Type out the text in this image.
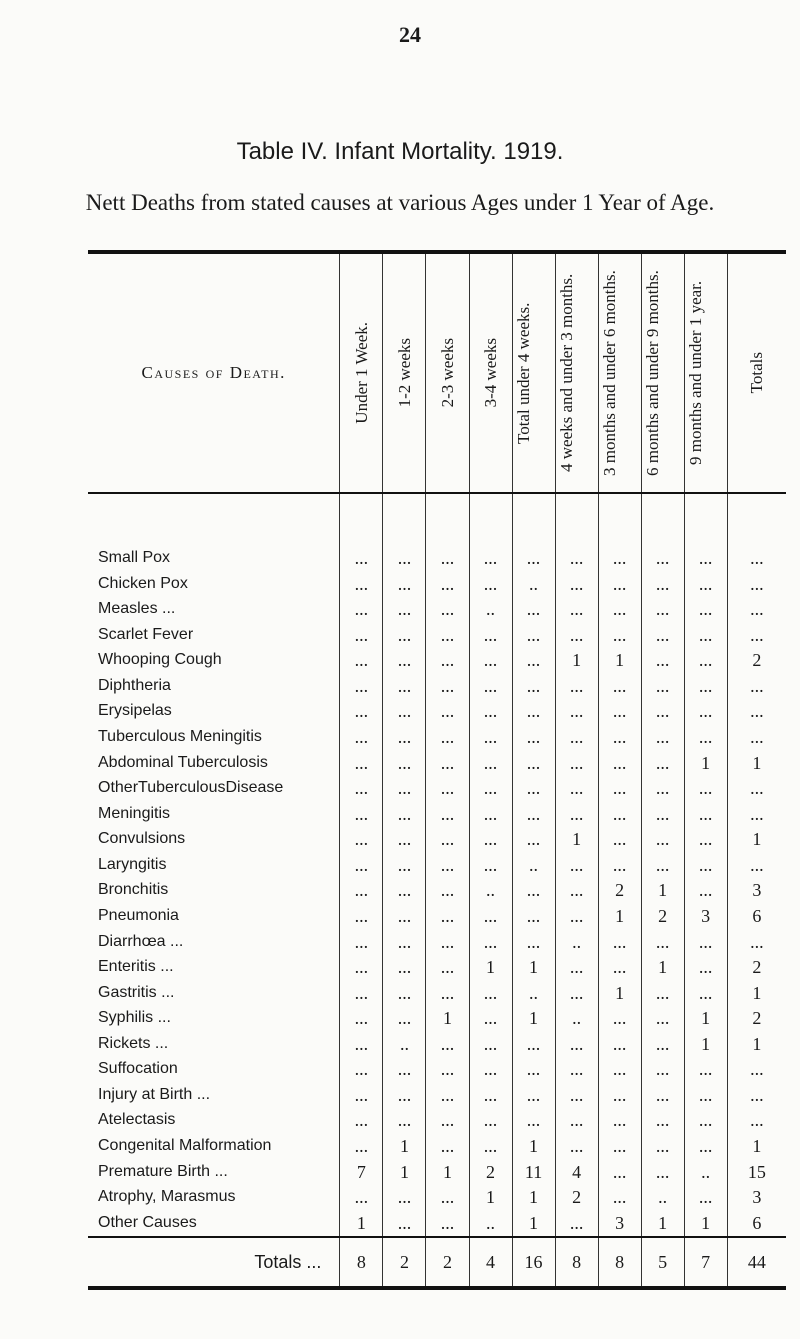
24
Table IV. Infant Mortality. 1919.
Nett Deaths from stated causes at various Ages under 1 Year of Age.
Causes of Death.	Under 1 Week.	1-2 weeks	2-3 weeks	3-4 weeks	Total under 4 weeks.	4 weeks and under 3 months.	3 months and under 6 months.	6 months and under 9 months.	9 months and under 1 year.	Totals

Small Pox	...	...	...	...	...	...	...	...	...	...
Chicken Pox	...	...	...	...	..	...	...	...	...	...
Measles ...	...	...	...	..	...	...	...	...	...	...
Scarlet Fever	...	...	...	...	...	...	...	...	...	...
Whooping Cough	...	...	...	...	...	1	1	...	...	2
Diphtheria	...	...	...	...	...	...	...	...	...	...
Erysipelas	...	...	...	...	...	...	...	...	...	...
Tuberculous Meningitis	...	...	...	...	...	...	...	...	...	...
Abdominal Tuberculosis	...	...	...	...	...	...	...	...	1	1
OtherTuberculousDisease	...	...	...	...	...	...	...	...	...	...
Meningitis	...	...	...	...	...	...	...	...	...	...
Convulsions	...	...	...	...	...	1	...	...	...	1
Laryngitis	...	...	...	...	..	...	...	...	...	...
Bronchitis	...	...	...	..	...	...	2	1	...	3
Pneumonia	...	...	...	...	...	...	1	2	3	6
Diarrhœa ...	...	...	...	...	...	..	...	...	...	...
Enteritis ...	...	...	...	1	1	...	...	1	...	2
Gastritis ...	...	...	...	...	..	...	1	...	...	1
Syphilis ...	...	...	1	...	1	..	...	...	1	2
Rickets ...	...	..	...	...	...	...	...	...	1	1
Suffocation	...	...	...	...	...	...	...	...	...	...
Injury at Birth ...	...	...	...	...	...	...	...	...	...	...
Atelectasis	...	...	...	...	...	...	...	...	...	...
Congenital Malformation	...	1	...	...	1	...	...	...	...	1
Premature Birth ...	7	1	1	2	11	4	...	...	..	15
Atrophy, Marasmus	...	...	...	1	1	2	...	..	...	3
Other Causes	1	...	...	..	1	...	3	1	1	6
Totals ...	8	2	2	4	16	8	8	5	7	44
